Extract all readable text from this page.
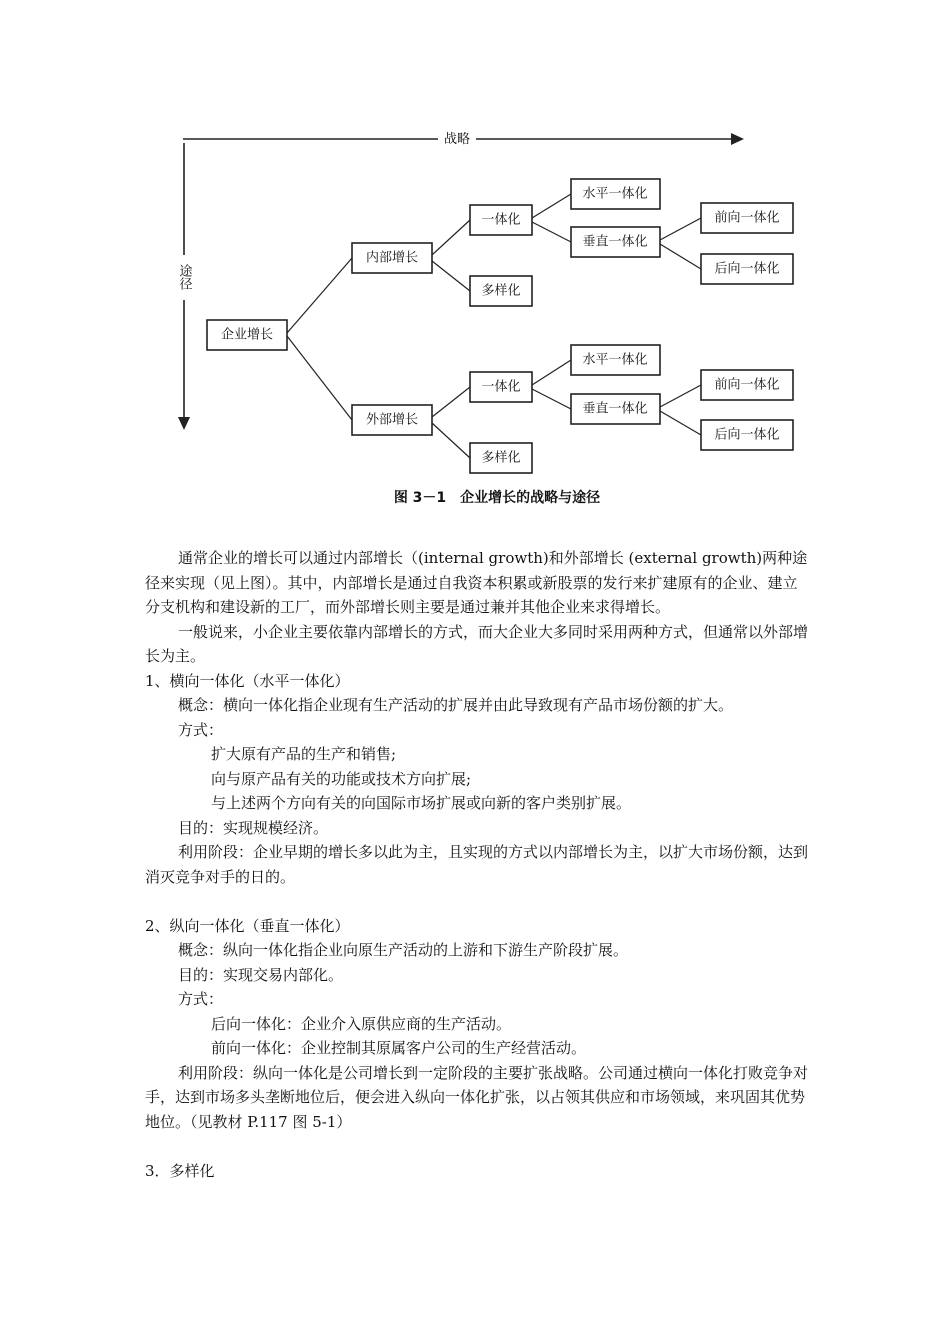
战略
途径
企业增长
内部增长
外部增长
一体化
多样化
一体化
多样化
水平一体化
垂直一体化
水平一体化
垂直一体化
前向一体化
后向一体化
前向一体化
后向一体化
图 3－1　企业增长的战略与途径

通常企业的增长可以通过内部增长（(internal growth)和外部增长 (external growth)两种途径来实现（见上图）。其中，内部增长是通过自我资本积累或新股票的发行来扩建原有的企业、建立分支机构和建设新的工厂，而外部增长则主要是通过兼并其他企业来求得增长。

一般说来，小企业主要依靠内部增长的方式，而大企业大多同时采用两种方式，但通常以外部增长为主。

1、横向一体化（水平一体化）

概念：横向一体化指企业现有生产活动的扩展并由此导致现有产品市场份额的扩大。

方式：

扩大原有产品的生产和销售;

向与原产品有关的功能或技术方向扩展;

与上述两个方向有关的向国际市场扩展或向新的客户类别扩展。

目的：实现规模经济。

利用阶段：企业早期的增长多以此为主，且实现的方式以内部增长为主，以扩大市场份额，达到消灭竞争对手的日的。

2、纵向一体化（垂直一体化）

概念：纵向一体化指企业向原生产活动的上游和下游生产阶段扩展。

目的：实现交易内部化。

方式：

后向一体化：企业介入原供应商的生产活动。

前向一体化：企业控制其原属客户公司的生产经营活动。

利用阶段：纵向一体化是公司增长到一定阶段的主要扩张战略。公司通过横向一体化打败竞争对手，达到市场多头垄断地位后，便会进入纵向一体化扩张，以占领其供应和市场领域，来巩固其优势地位。（见教材 P.117 图 5-1）

3．多样化
